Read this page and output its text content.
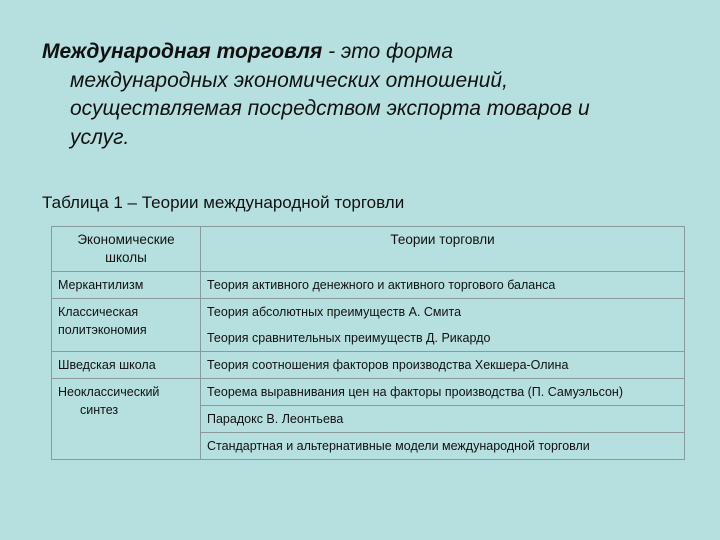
Международная торговля - это форма
международных экономических отношений,
осуществляемая посредством экспорта товаров и
услуг.
Таблица 1 – Теории международной торговли
Экономические
школы	Теории торговли
Меркантилизм	Теория активного денежного и активного торгового баланса

Классическая
политэкономия	Теория абсолютных преимуществ А. Смита
	Теория сравнительных преимуществ Д. Рикардо
Шведская школа	Теория соотношения факторов производства Хекшера-Олина

Неоклассический
синтез	Теорема выравнивания цен на факторы производства (П. Самуэльсон)
	Парадокс В. Леонтьева
	Стандартная и альтернативные модели международной торговли
